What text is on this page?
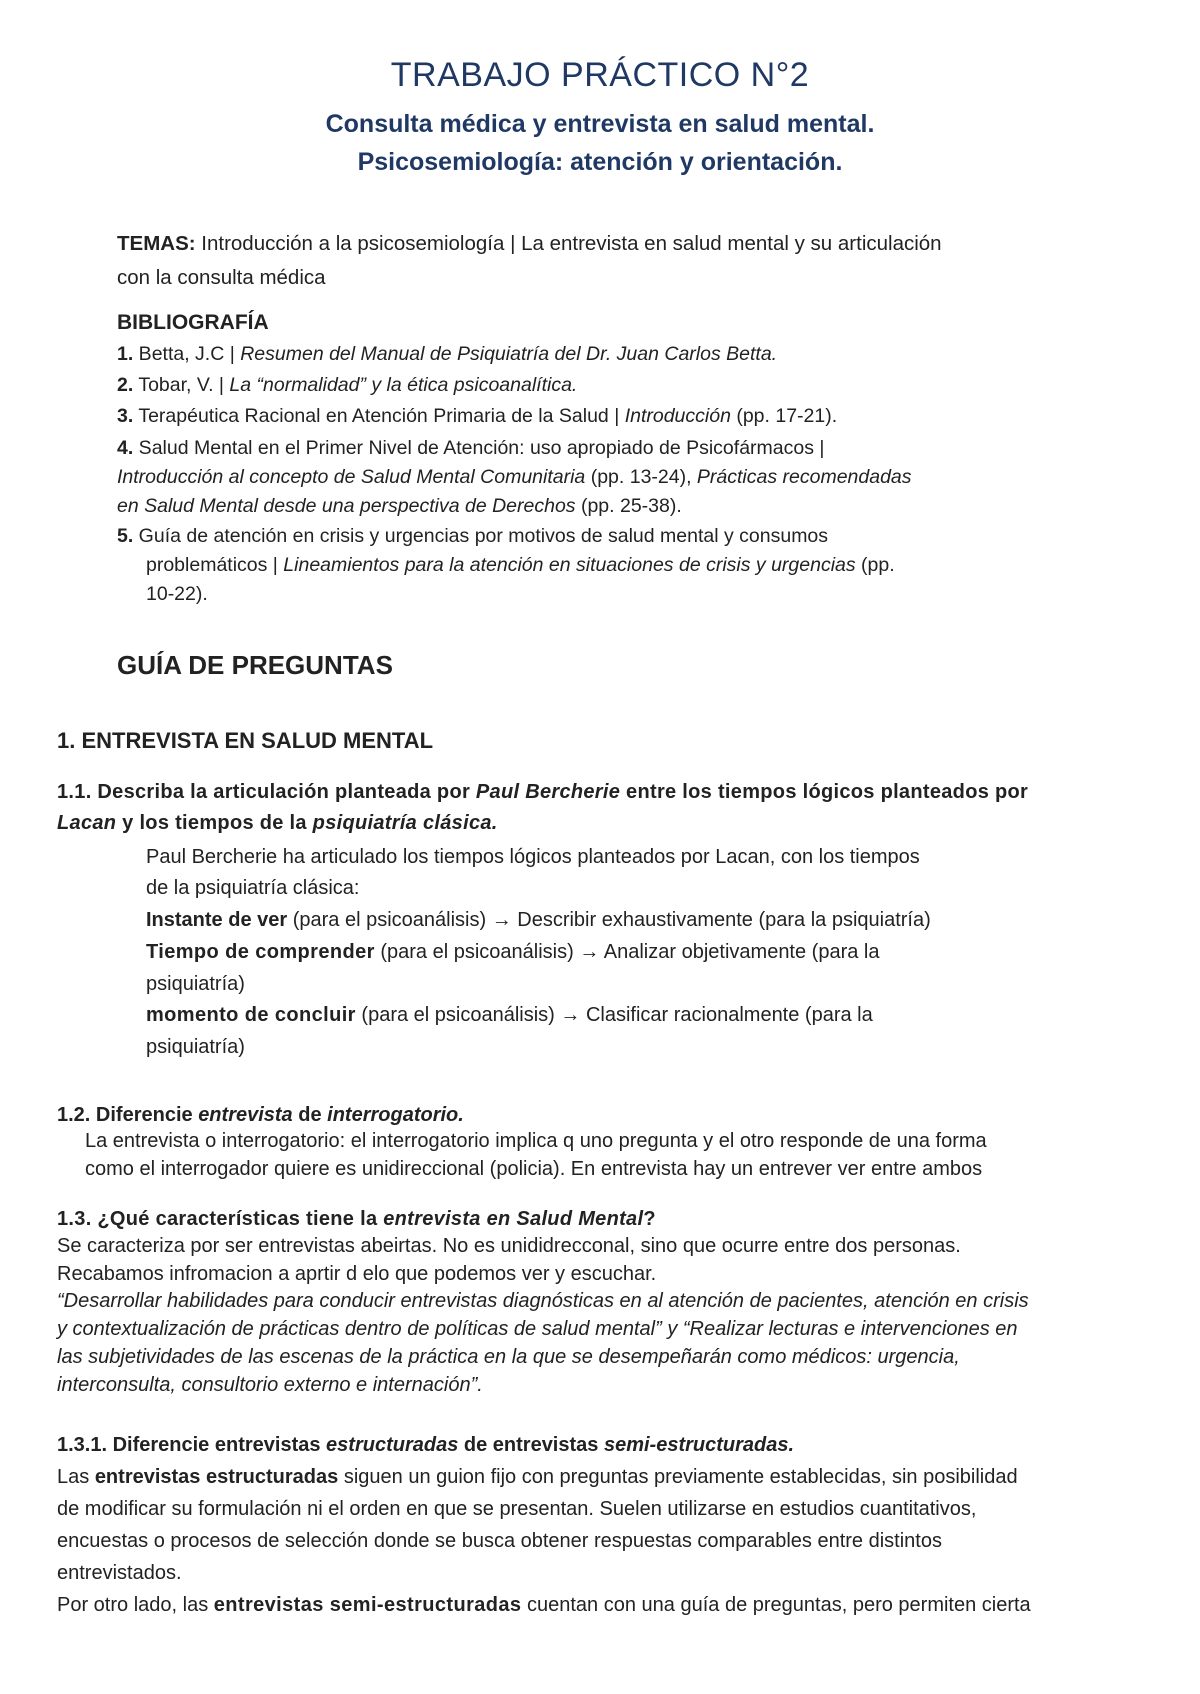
TRABAJO PRÁCTICO N°2
Consulta médica y entrevista en salud mental.
Psicosemiología: atención y orientación.

TEMAS: Introducción a la psicosemiología | La entrevista en salud mental y su articulación

con la consulta médica

BIBLIOGRAFÍA

1. Betta, J.C | Resumen del Manual de Psiquiatría del Dr. Juan Carlos Betta.

2. Tobar, V. | La “normalidad” y la ética psicoanalítica.

3. Terapéutica Racional en Atención Primaria de la Salud | Introducción (pp. 17-21).

4. Salud Mental en el Primer Nivel de Atención: uso apropiado de Psicofármacos |

Introducción al concepto de Salud Mental Comunitaria (pp. 13-24), Prácticas recomendadas

en Salud Mental desde una perspectiva de Derechos (pp. 25-38).

5. Guía de atención en crisis y urgencias por motivos de salud mental y consumos

problemáticos | Lineamientos para la atención en situaciones de crisis y urgencias (pp.

10-22).

GUÍA DE PREGUNTAS
1. ENTREVISTA EN SALUD MENTAL

1.1. Describa la articulación planteada por Paul Bercherie entre los tiempos lógicos planteados por

Lacan y los tiempos de la psiquiatría clásica.

Paul Bercherie ha articulado los tiempos lógicos planteados por Lacan, con los tiempos

de la psiquiatría clásica:

Instante de ver (para el psicoanálisis) → Describir exhaustivamente (para la psiquiatría)

Tiempo de comprender (para el psicoanálisis) → Analizar objetivamente (para la

psiquiatría)

momento de concluir (para el psicoanálisis) → Clasificar racionalmente (para la

psiquiatría)

1.2. Diferencie entrevista de interrogatorio.

La entrevista o interrogatorio: el interrogatorio implica q uno pregunta y el otro responde de una forma

como el interrogador quiere es unidireccional (policia). En entrevista hay un entrever ver entre ambos

1.3. ¿Qué características tiene la entrevista en Salud Mental?

Se caracteriza por ser entrevistas abeirtas. No es unididrecconal, sino que ocurre entre dos personas.

Recabamos infromacion a aprtir d elo que podemos ver y escuchar.

“Desarrollar habilidades para conducir entrevistas diagnósticas en al atención de pacientes, atención en crisis

y contextualización de prácticas dentro de políticas de salud mental” y “Realizar lecturas e intervenciones en

las subjetividades de las escenas de la práctica en la que se desempeñarán como médicos: urgencia,

interconsulta, consultorio externo e internación”.

1.3.1. Diferencie entrevistas estructuradas de entrevistas semi-estructuradas.

Las entrevistas estructuradas siguen un guion fijo con preguntas previamente establecidas, sin posibilidad

de modificar su formulación ni el orden en que se presentan. Suelen utilizarse en estudios cuantitativos,

encuestas o procesos de selección donde se busca obtener respuestas comparables entre distintos

entrevistados.

Por otro lado, las entrevistas semi-estructuradas cuentan con una guía de preguntas, pero permiten cierta
